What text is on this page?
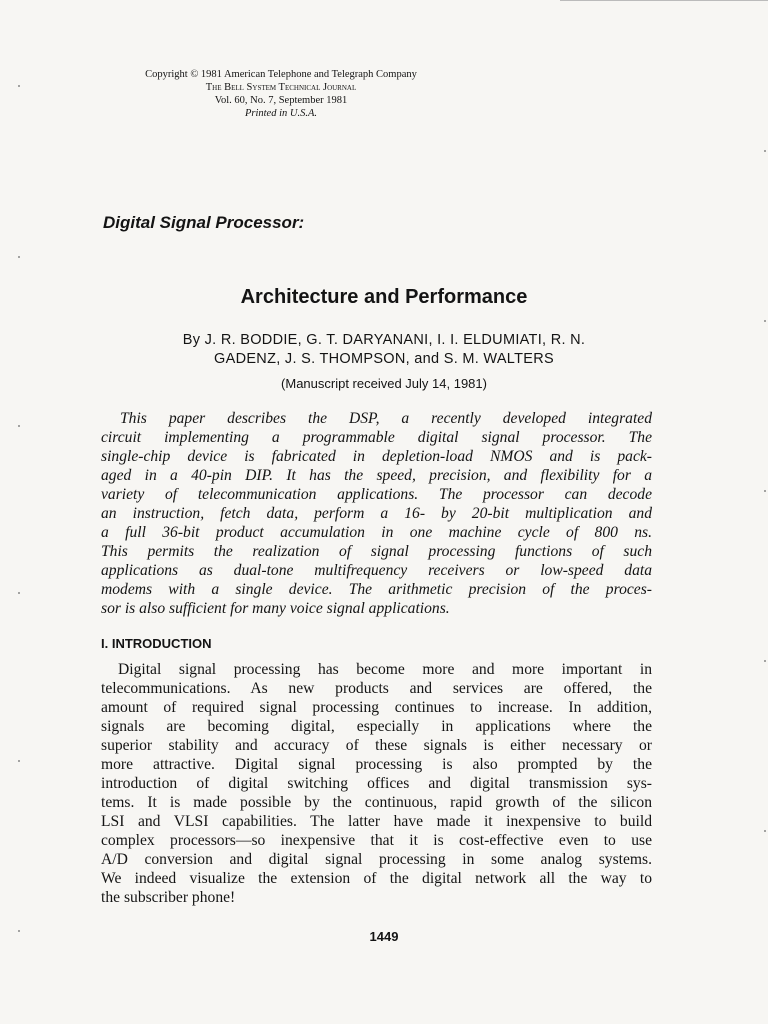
Copyright © 1981 American Telephone and Telegraph Company
The Bell System Technical Journal
Vol. 60, No. 7, September 1981
Printed in U.S.A.
Digital Signal Processor:
Architecture and Performance
By J. R. BODDIE, G. T. DARYANANI, I. I. ELDUMIATI, R. N.
GADENZ, J. S. THOMPSON, and S. M. WALTERS
(Manuscript received July 14, 1981)
This paper describes the DSP, a recently developed integrated
circuit implementing a programmable digital signal processor. The
single-chip device is fabricated in depletion-load NMOS and is pack-
aged in a 40-pin DIP. It has the speed, precision, and flexibility for a
variety of telecommunication applications. The processor can decode
an instruction, fetch data, perform a 16- by 20-bit multiplication and
a full 36-bit product accumulation in one machine cycle of 800 ns.
This permits the realization of signal processing functions of such
applications as dual-tone multifrequency receivers or low-speed data
modems with a single device. The arithmetic precision of the proces-
sor is also sufficient for many voice signal applications.
I. INTRODUCTION
Digital signal processing has become more and more important in
telecommunications. As new products and services are offered, the
amount of required signal processing continues to increase. In addition,
signals are becoming digital, especially in applications where the
superior stability and accuracy of these signals is either necessary or
more attractive. Digital signal processing is also prompted by the
introduction of digital switching offices and digital transmission sys-
tems. It is made possible by the continuous, rapid growth of the silicon
LSI and VLSI capabilities. The latter have made it inexpensive to build
complex processors—so inexpensive that it is cost-effective even to use
A/D conversion and digital signal processing in some analog systems.
We indeed visualize the extension of the digital network all the way to
the subscriber phone!
1449
